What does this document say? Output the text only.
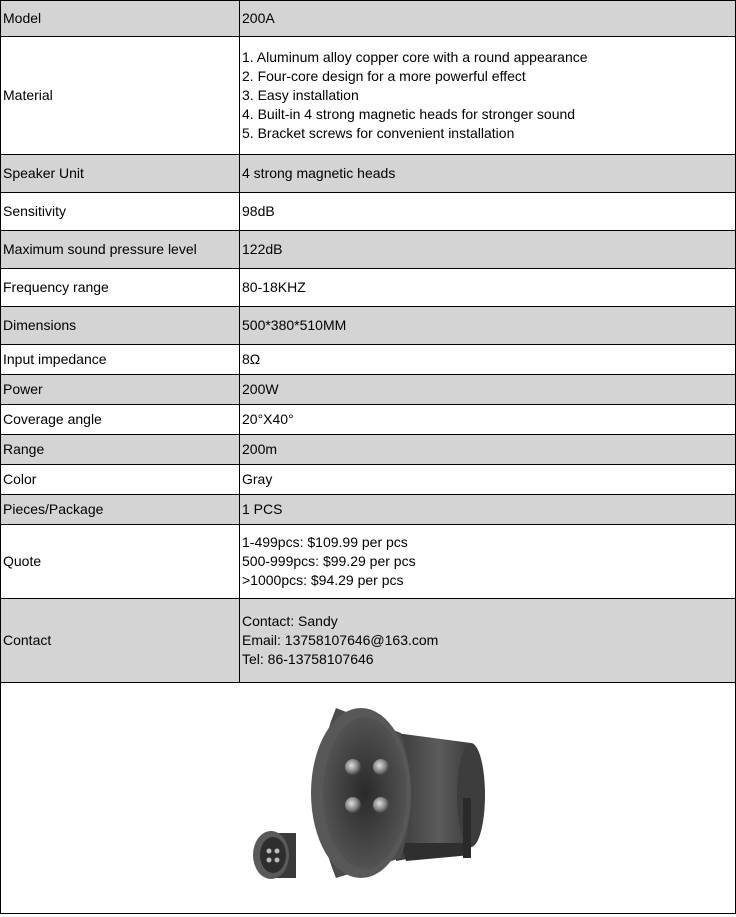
Model	200A
Material	1. Aluminum alloy copper core with a round appearance
2. Four-core design for a more powerful effect
3. Easy installation
4. Built-in 4 strong magnetic heads for stronger sound
5. Bracket screws for convenient installation

Speaker Unit	4 strong magnetic heads
Sensitivity	98dB
Maximum sound pressure level	122dB
Frequency range	80-18KHZ
Dimensions	500*380*510MM
Input impedance	8Ω
Power	200W
Coverage angle	20°X40°
Range	200m
Color	Gray
Pieces/Package	1 PCS
Quote	1-499pcs: $109.99 per pcs
500-999pcs: $99.29 per pcs
>1000pcs: $94.29 per pcs

Contact	Contact: Sandy
Email: 13758107646@163.com
Tel: 86-13758107646
